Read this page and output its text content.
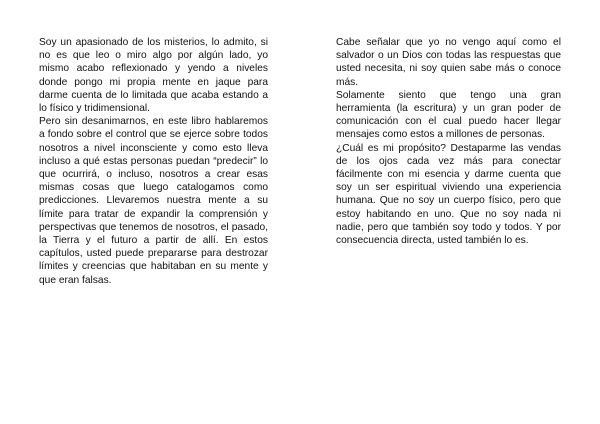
Soy un apasionado de los misterios, lo admito, si no es que leo o miro algo por algún lado, yo mismo acabo reflexionado y yendo a niveles donde pongo mi propia mente en jaque para darme cuenta de lo limitada que acaba estando a lo físico y tridimensional.

Pero sin desanimarnos, en este libro hablaremos a fondo sobre el control que se ejerce sobre todos nosotros a nivel inconsciente y como esto lleva incluso a qué estas personas puedan “predecir” lo que ocurrirá, o incluso, nosotros a crear esas mismas cosas que luego catalogamos como predicciones. Llevaremos nuestra mente a su límite para tratar de expandir la comprensión y perspectivas que tenemos de nosotros, el pasado, la Tierra y el futuro a partir de allí. En estos capítulos, usted puede prepararse para destrozar límites y creencias que habitaban en su mente y que eran falsas.

Cabe señalar que yo no vengo aquí como el salvador o un Dios con todas las respuestas que usted necesita, ni soy quien sabe más o conoce más.

Solamente siento que tengo una gran herramienta (la escritura) y un gran poder de comunicación con el cual puedo hacer llegar mensajes como estos a millones de personas.

¿Cuál es mi propósito? Destaparme las vendas de los ojos cada vez más para conectar fácilmente con mi esencia y darme cuenta que soy un ser espiritual viviendo una experiencia humana. Que no soy un cuerpo físico, pero que estoy habitando en uno. Que no soy nada ni nadie, pero que también soy todo y todos. Y por consecuencia directa, usted también lo es.
